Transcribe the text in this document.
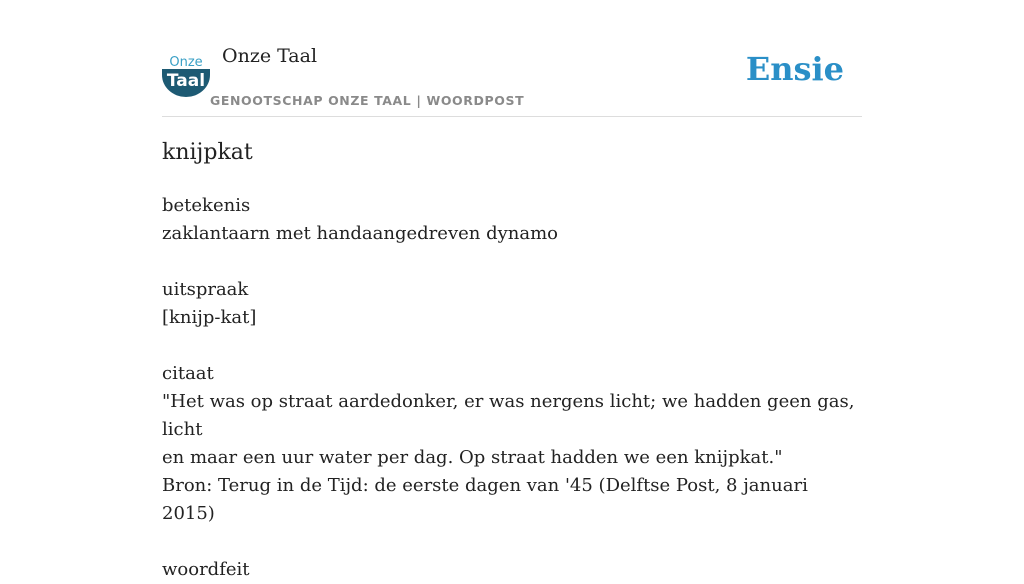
Onze
Taal
Onze Taal
GENOOTSCHAP ONZE TAAL | WOORDPOST
Ensie
knijpkat

betekenis

zaklantaarn met handaangedreven dynamo

uitspraak

[knijp-kat]

citaat

"Het was op straat aardedonker, er was nergens licht; we hadden geen gas, licht

en maar een uur water per dag. Op straat hadden we een knijpkat."

Bron: Terug in de Tijd: de eerste dagen van '45 (Delftse Post, 8 januari 2015)

woordfeit
